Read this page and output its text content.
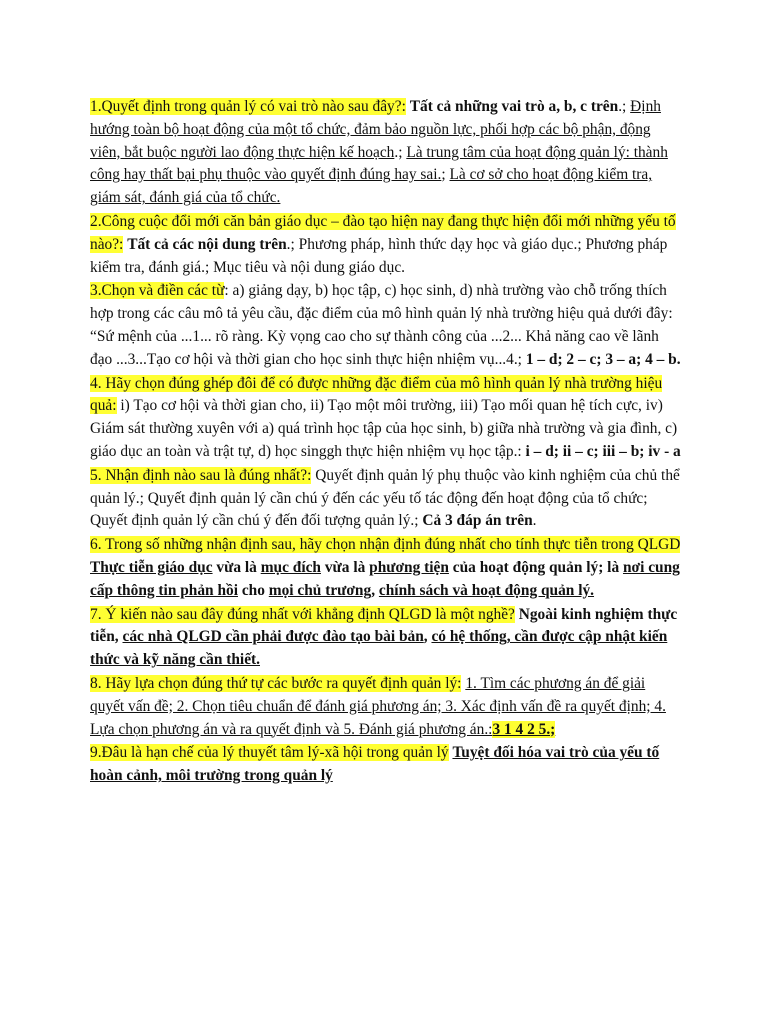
1.Quyết định trong quản lý có vai trò nào sau đây?: Tất cả những vai trò a, b, c trên.; Định hướng toàn bộ hoạt động của một tổ chức, đảm bảo nguồn lực, phối hợp các bộ phận, động viên, bắt buộc người lao động thực hiện kế hoạch.; Là trung tâm của hoạt động quản lý: thành công hay thất bại phụ thuộc vào quyết định đúng hay sai.; Là cơ sở cho hoạt động kiểm tra, giám sát, đánh giá của tổ chức.

2.Công cuộc đổi mới căn bản giáo dục – đào tạo hiện nay đang thực hiện đổi mới những yếu tố nào?: Tất cả các nội dung trên.; Phương pháp, hình thức dạy học và giáo dục.; Phương pháp kiểm tra, đánh giá.; Mục tiêu và nội dung giáo dục.

3.Chọn và điền các từ: a) giảng dạy, b) học tập, c) học sinh, d) nhà trường vào chỗ trống thích hợp trong các câu mô tả yêu cầu, đặc điểm của mô hình quản lý nhà trường hiệu quả dưới đây: “Sứ mệnh của ...1... rõ ràng. Kỳ vọng cao cho sự thành công của ...2... Khả năng cao về lãnh đạo ...3...Tạo cơ hội và thời gian cho học sinh thực hiện nhiệm vụ...4.; 1 – d; 2 – c; 3 – a; 4 – b.

4. Hãy chọn đúng ghép đôi để có được những đặc điểm của mô hình quản lý nhà trường hiệu quả: i) Tạo cơ hội và thời gian cho, ii) Tạo một môi trường, iii) Tạo mối quan hệ tích cực, iv) Giám sát thường xuyên với a) quá trình học tập của học sinh, b) giữa nhà trường và gia đình, c) giáo dục an toàn và trật tự, d) học singgh thực hiện nhiệm vụ học tập.: i – d; ii – c; iii – b; iv - a

5. Nhận định nào sau là đúng nhất?: Quyết định quản lý phụ thuộc vào kinh nghiệm của chủ thể quản lý.; Quyết định quản lý cần chú ý đến các yếu tố tác động đến hoạt động của tổ chức; Quyết định quản lý cần chú ý đến đối tượng quản lý.; Cả 3 đáp án trên.

6. Trong số những nhận định sau, hãy chọn nhận định đúng nhất cho tính thực tiễn trong QLGD Thực tiễn giáo dục vừa là mục đích vừa là phương tiện của hoạt động quản lý; là nơi cung cấp thông tin phản hồi cho mọi chủ trương, chính sách và hoạt động quản lý.

7. Ý kiến nào sau đây đúng nhất với khẳng định QLGD là một nghề? Ngoài kinh nghiệm thực tiễn, các nhà QLGD cần phải được đào tạo bài bản, có hệ thống, cần được cập nhật kiến thức và kỹ năng cần thiết.

8. Hãy lựa chọn đúng thứ tự các bước ra quyết định quản lý: 1. Tìm các phương án để giải quyết vấn đề; 2. Chọn tiêu chuẩn để đánh giá phương án; 3. Xác định vấn đề ra quyết định; 4. Lựa chọn phương án và ra quyết định và 5. Đánh giá phương án.:3 1 4 2 5.;

9.Đâu là hạn chế của lý thuyết tâm lý-xã hội trong quản lý Tuyệt đối hóa vai trò của yếu tố hoàn cảnh, môi trường trong quản lý
